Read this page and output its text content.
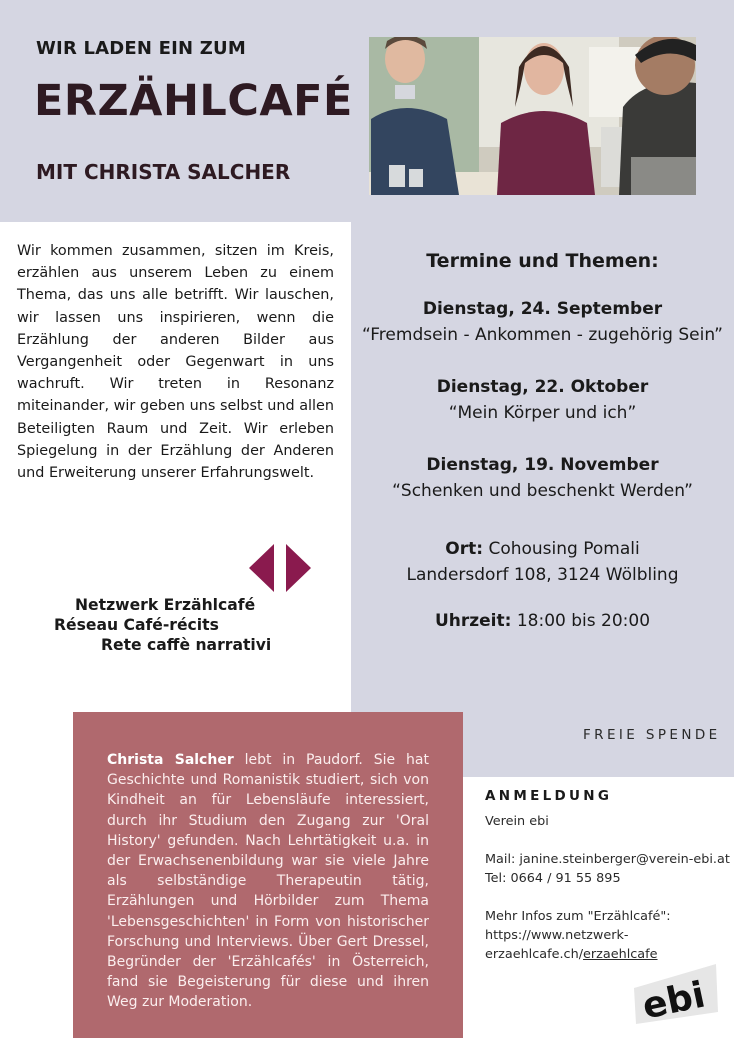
WIR LADEN EIN ZUM
ERZÄHLCAFÉ
MIT CHRISTA SALCHER
Wir kommen zusammen, sitzen im Kreis, erzählen aus unserem Leben zu einem Thema, das uns alle betrifft. Wir lauschen, wir lassen uns inspirieren, wenn die Erzählung der anderen Bilder aus Vergangenheit oder Gegenwart in uns wachruft. Wir treten in Resonanz miteinander, wir geben uns selbst und allen Beteiligten Raum und Zeit. Wir erleben Spiegelung in der Erzählung der Anderen und Erweiterung unserer Erfahrungswelt.
Termine und Themen:
Dienstag, 24. September
“Fremdsein - Ankommen - zugehörig Sein”
Dienstag, 22. Oktober
“Mein Körper und ich”
Dienstag, 19. November
“Schenken und beschenkt Werden”
Ort: Cohousing Pomali
Landersdorf 108, 3124 Wölbling
Uhrzeit: 18:00 bis 20:00
Netzwerk Erzählcafé
Réseau Café-récits
Rete caffè narrativi
FREIE SPENDE
Christa Salcher lebt in Paudorf. Sie hat Geschichte und Romanistik studiert, sich von Kindheit an für Lebensläufe interessiert, durch ihr Studium den Zugang zur 'Oral History' gefunden. Nach Lehrtätigkeit u.a. in der Erwachsenenbildung war sie viele Jahre als selbständige Therapeutin tätig, Erzählungen und Hörbilder zum Thema 'Lebensgeschichten' in Form von historischer Forschung und Interviews. Über Gert Dressel, Begründer der 'Erzählcafés' in Österreich, fand sie Begeisterung für diese und ihren Weg zur Moderation.
ANMELDUNG
Verein ebi
Mail: janine.steinberger@verein-ebi.at
Tel: 0664 / 91 55 895
Mehr Infos zum "Erzählcafé":
https://www.netzwerk-
erzaehlcafe.ch/erzaehlcafe
ebi
